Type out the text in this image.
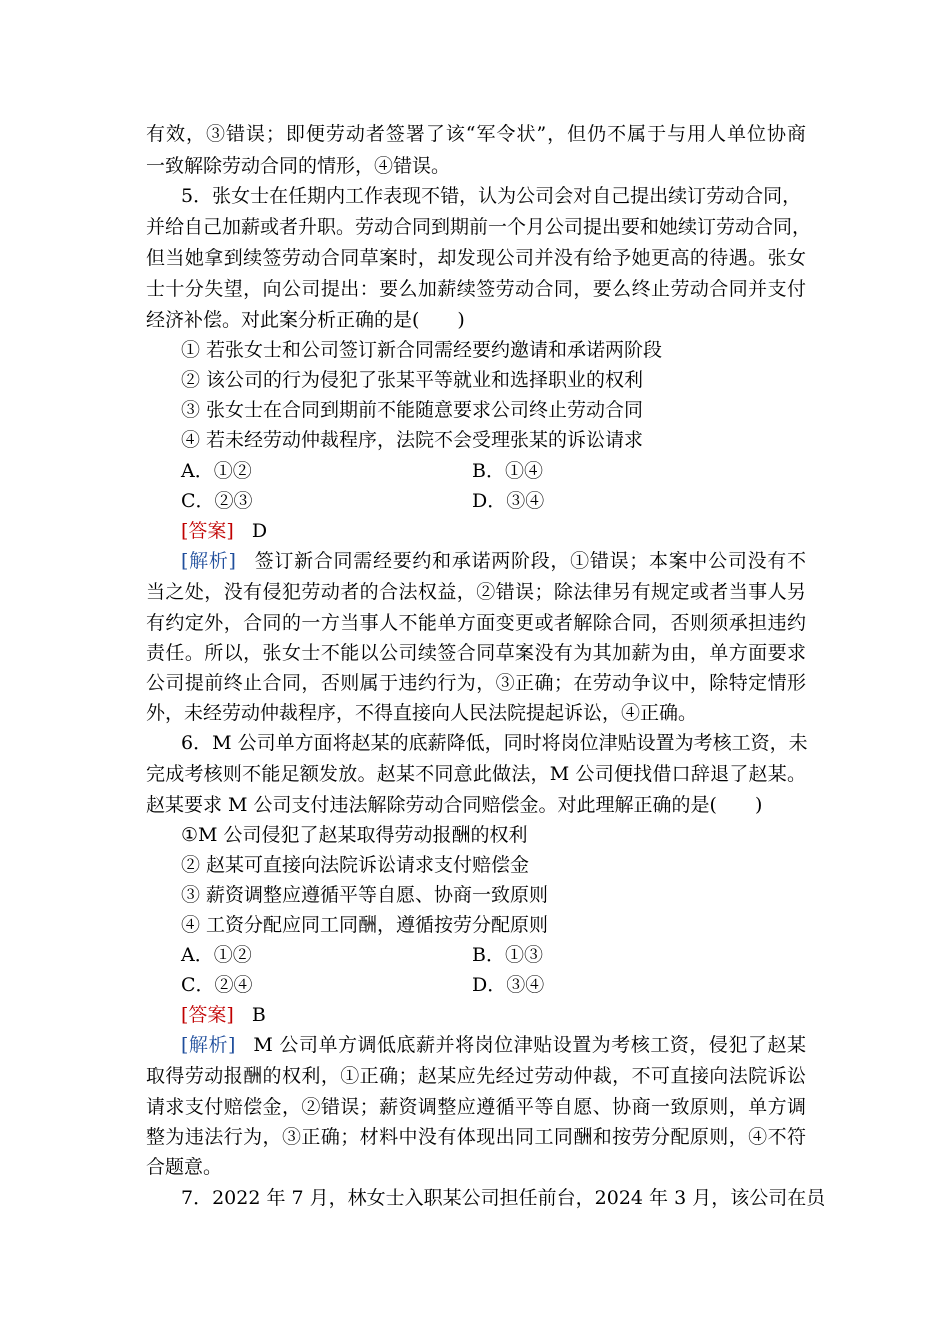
有效，③错误；即便劳动者签署了该“军令状”，但仍不属于与用人单位协商
一致解除劳动合同的情形，④错误。
5．张女士在任期内工作表现不错，认为公司会对自己提出续订劳动合同，
并给自己加薪或者升职。劳动合同到期前一个月公司提出要和她续订劳动合同，
但当她拿到续签劳动合同草案时，却发现公司并没有给予她更高的待遇。张女
士十分失望，向公司提出：要么加薪续签劳动合同，要么终止劳动合同并支付
经济补偿。对此案分析正确的是(　　)
① 若张女士和公司签订新合同需经要约邀请和承诺两阶段
② 该公司的行为侵犯了张某平等就业和选择职业的权利
③ 张女士在合同到期前不能随意要求公司终止劳动合同
④ 若未经劳动仲裁程序，法院不会受理张某的诉讼请求
A．①②	B．①④
C．②③	D．③④
[答案] D
[解析] 签订新合同需经要约和承诺两阶段，①错误；本案中公司没有不
当之处，没有侵犯劳动者的合法权益，②错误；除法律另有规定或者当事人另
有约定外，合同的一方当事人不能单方面变更或者解除合同，否则须承担违约
责任。所以，张女士不能以公司续签合同草案没有为其加薪为由，单方面要求
公司提前终止合同，否则属于违约行为，③正确；在劳动争议中，除特定情形
外，未经劳动仲裁程序，不得直接向人民法院提起诉讼，④正确。
6．M 公司单方面将赵某的底薪降低，同时将岗位津贴设置为考核工资，未
完成考核则不能足额发放。赵某不同意此做法，M 公司便找借口辞退了赵某。
赵某要求 M 公司支付违法解除劳动合同赔偿金。对此理解正确的是(　　)
①M 公司侵犯了赵某取得劳动报酬的权利
② 赵某可直接向法院诉讼请求支付赔偿金
③ 薪资调整应遵循平等自愿、协商一致原则
④ 工资分配应同工同酬，遵循按劳分配原则
A．①②	B．①③
C．②④	D．③④
[答案] B
[解析] M 公司单方调低底薪并将岗位津贴设置为考核工资，侵犯了赵某
取得劳动报酬的权利，①正确；赵某应先经过劳动仲裁，不可直接向法院诉讼
请求支付赔偿金，②错误；薪资调整应遵循平等自愿、协商一致原则，单方调
整为违法行为，③正确；材料中没有体现出同工同酬和按劳分配原则，④不符
合题意。
7．2022 年 7 月，林女士入职某公司担任前台，2024 年 3 月，该公司在员
